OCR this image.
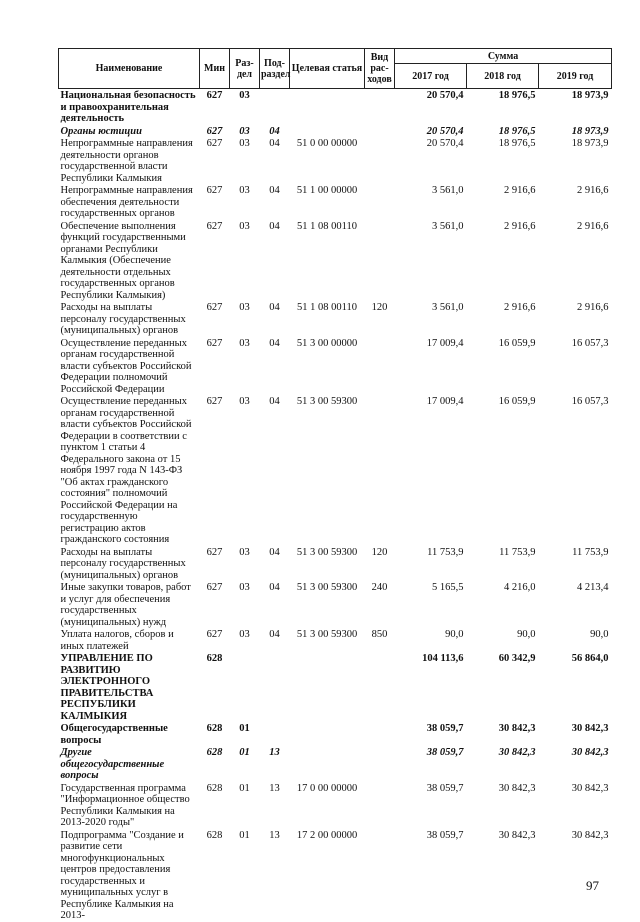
Наименование	Мин	Раз-дел	Под-раздел	Целевая статья	Вид рас-ходов	Сумма		
						2017 год	2018 год	2019 год
Национальная безопасность и правоохранительная деятельность	627	03				20 570,4	18 976,5	18 973,9
Органы юстиции	627	03	04			20 570,4	18 976,5	18 973,9
Непрограммные направления деятельности органов государственной власти Республики Калмыкия	627	03	04	51 0 00 00000		20 570,4	18 976,5	18 973,9
Непрограммные направления обеспечения деятельности государственных органов	627	03	04	51 1 00 00000		3 561,0	2 916,6	2 916,6
Обеспечение выполнения функций государственными органами Республики Калмыкия (Обеспечение деятельности отдельных государственных органов Республики Калмыкия)	627	03	04	51 1 08 00110		3 561,0	2 916,6	2 916,6
Расходы на выплаты персоналу государственных (муниципальных) органов	627	03	04	51 1 08 00110	120	3 561,0	2 916,6	2 916,6
Осуществление переданных органам государственной власти субъектов Российской Федерации полномочий Российской Федерации	627	03	04	51 3 00 00000		17 009,4	16 059,9	16 057,3
Осуществление переданных органам государственной власти субъектов Российской Федерации в соответствии с пунктом 1 статьи 4 Федерального закона от 15 ноября 1997 года N 143-ФЗ "Об актах гражданского состояния" полномочий Российской Федерации на государственную регистрацию актов гражданского состояния	627	03	04	51 3 00 59300		17 009,4	16 059,9	16 057,3
Расходы на выплаты персоналу государственных (муниципальных) органов	627	03	04	51 3 00 59300	120	11 753,9	11 753,9	11 753,9
Иные закупки товаров, работ и услуг для обеспечения государственных (муниципальных) нужд	627	03	04	51 3 00 59300	240	5 165,5	4 216,0	4 213,4
Уплата налогов, сборов и иных платежей	627	03	04	51 3 00 59300	850	90,0	90,0	90,0
УПРАВЛЕНИЕ ПО РАЗВИТИЮ ЭЛЕКТРОННОГО ПРАВИТЕЛЬСТВА РЕСПУБЛИКИ КАЛМЫКИЯ	628					104 113,6	60 342,9	56 864,0
Общегосударственные вопросы	628	01				38 059,7	30 842,3	30 842,3
Другие общегосударственные вопросы	628	01	13			38 059,7	30 842,3	30 842,3
Государственная программа "Информационное общество Республики Калмыкия на 2013-2020 годы"	628	01	13	17 0 00 00000		38 059,7	30 842,3	30 842,3
Подпрограмма "Создание и развитие сети многофункциональных центров предоставления государственных и муниципальных услуг в Республике Калмыкия на 2013-	628	01	13	17 2 00 00000		38 059,7	30 842,3	30 842,3
97
